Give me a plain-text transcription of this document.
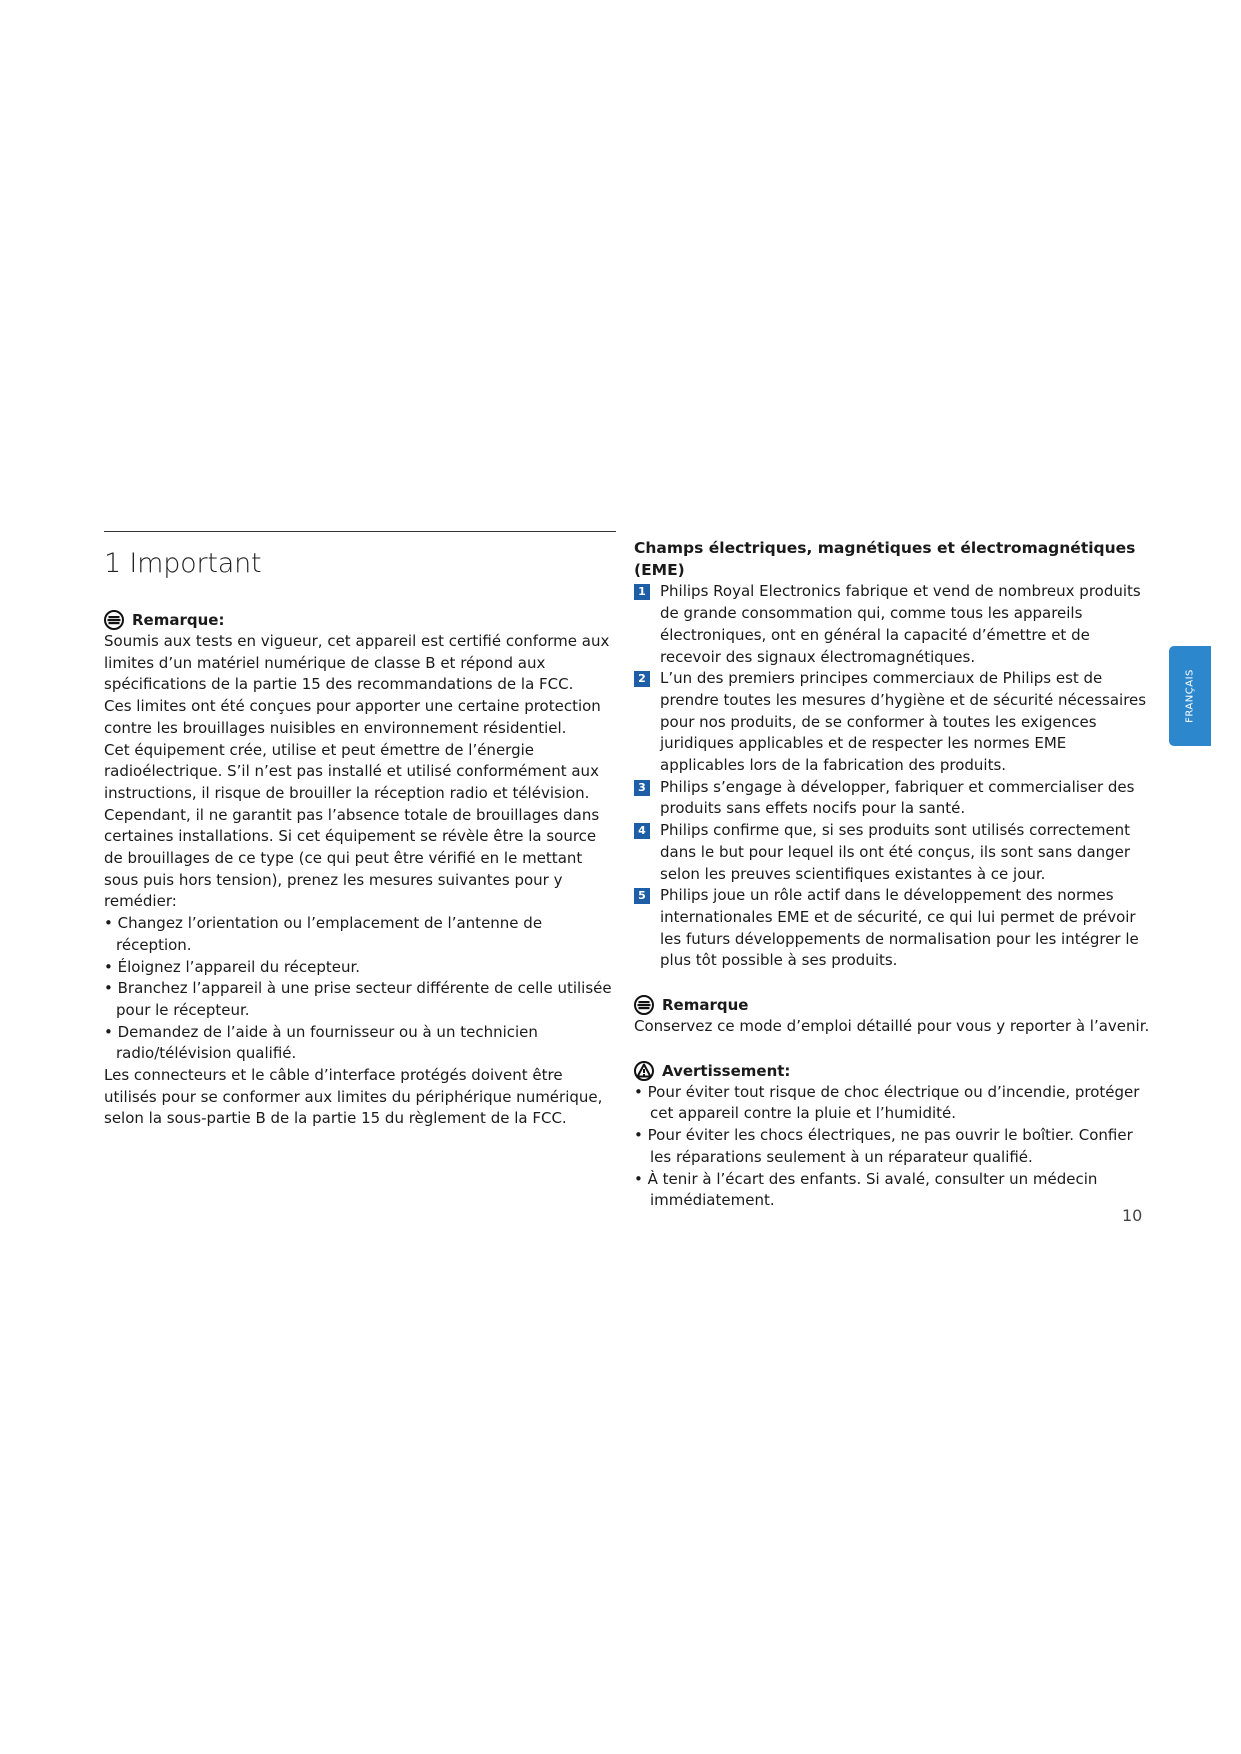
FRANÇAIS
1 Important
Remarque:

Soumis aux tests en vigueur, cet appareil est certifié conforme aux limites d’un matériel numérique de classe B et répond aux spécifications de la partie 15 des recommandations de la FCC.

Ces limites ont été conçues pour apporter une certaine protection contre les brouillages nuisibles en environnement résidentiel.

Cet équipement crée, utilise et peut émettre de l’énergie radioélectrique. S’il n’est pas installé et utilisé conformément aux instructions, il risque de brouiller la réception radio et télévision. Cependant, il ne garantit pas l’absence totale de brouillages dans certaines installations. Si cet équipement se révèle être la source de brouillages de ce type (ce qui peut être vérifié en le mettant sous puis hors tension), prenez les mesures suivantes pour y remédier:

• Changez l’orientation ou l’emplacement de l’antenne de réception.

• Éloignez l’appareil du récepteur.

• Branchez l’appareil à une prise secteur différente de celle utilisée pour le récepteur.

• Demandez de l’aide à un fournisseur ou à un technicien radio/télévision qualifié.

Les connecteurs et le câble d’interface protégés doivent être utilisés pour se conformer aux limites du périphérique numérique, selon la sous-partie B de la partie 15 du règlement de la FCC.

Champs électriques, magnétiques et électromagnétiques (EME)

1 Philips Royal Electronics fabrique et vend de nombreux produits de grande consommation qui, comme tous les appareils électroniques, ont en général la capacité d’émettre et de recevoir des signaux électromagnétiques.
2 L’un des premiers principes commerciaux de Philips est de prendre toutes les mesures d’hygiène et de sécurité nécessaires pour nos produits, de se conformer à toutes les exigences juridiques applicables et de respecter les normes EME applicables lors de la fabrication des produits.
3 Philips s’engage à développer, fabriquer et commercialiser des produits sans effets nocifs pour la santé.
4 Philips confirme que, si ses produits sont utilisés correctement dans le but pour lequel ils ont été conçus, ils sont sans danger selon les preuves scientifiques existantes à ce jour.
5 Philips joue un rôle actif dans le développement des normes internationales EME et de sécurité, ce qui lui permet de prévoir les futurs développements de normalisation pour les intégrer le plus tôt possible à ses produits.
Remarque

Conservez ce mode d’emploi détaillé pour vous y reporter à l’avenir.

Avertissement:

• Pour éviter tout risque de choc électrique ou d’incendie, protéger cet appareil contre la pluie et l’humidité.

• Pour éviter les chocs électriques, ne pas ouvrir le boîtier. Confier les réparations seulement à un réparateur qualifié.

• À tenir à l’écart des enfants. Si avalé, consulter un médecin immédiatement.

10
